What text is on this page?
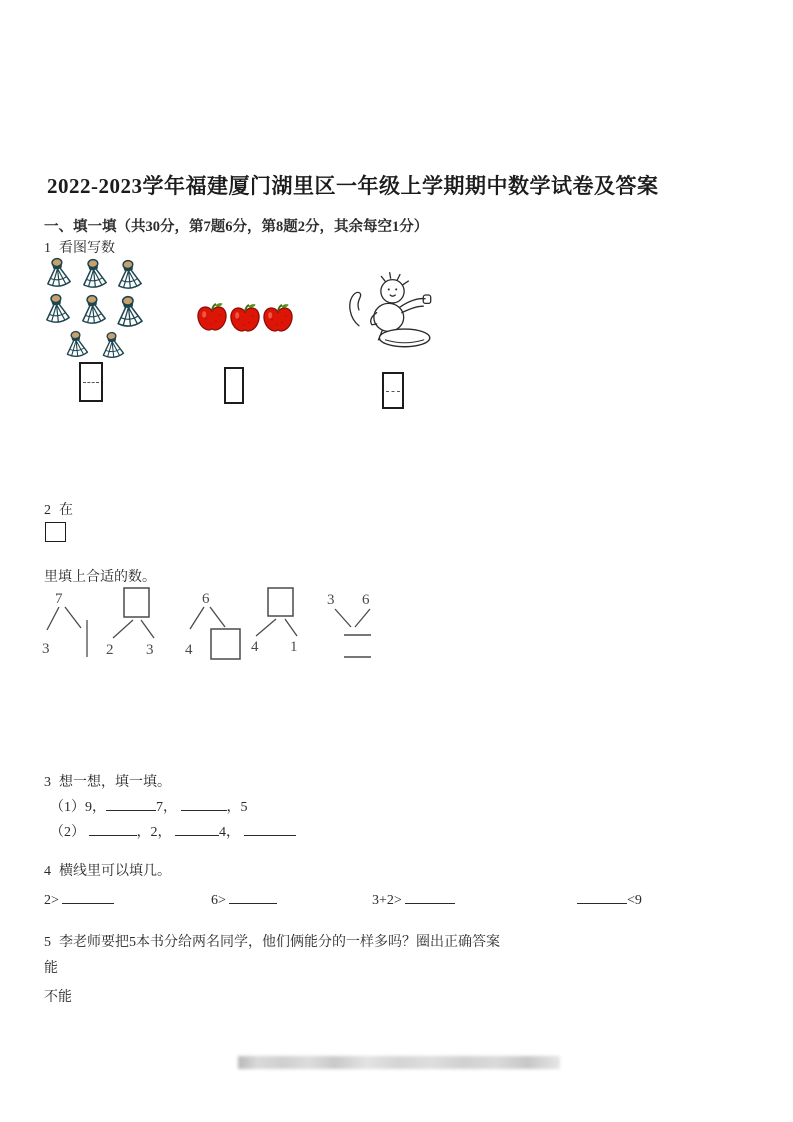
2022-2023学年福建厦门湖里区一年级上学期期中数学试卷及答案
一、填一填（共30分，第7题6分，第8题2分，其余每空1分）
1 看图写数
2 在
里填上合适的数。
7
3	2 3
6
4	4 1
3 6
3 想一想，填一填。
（1）9，	7，	，5
（2）	，2，	4，
4 横线里可以填几。
2>	6>	3+2>	<9
5 李老师要把5本书分给两名同学，他们俩能分的一样多吗？圈出正确答案
能
不能
